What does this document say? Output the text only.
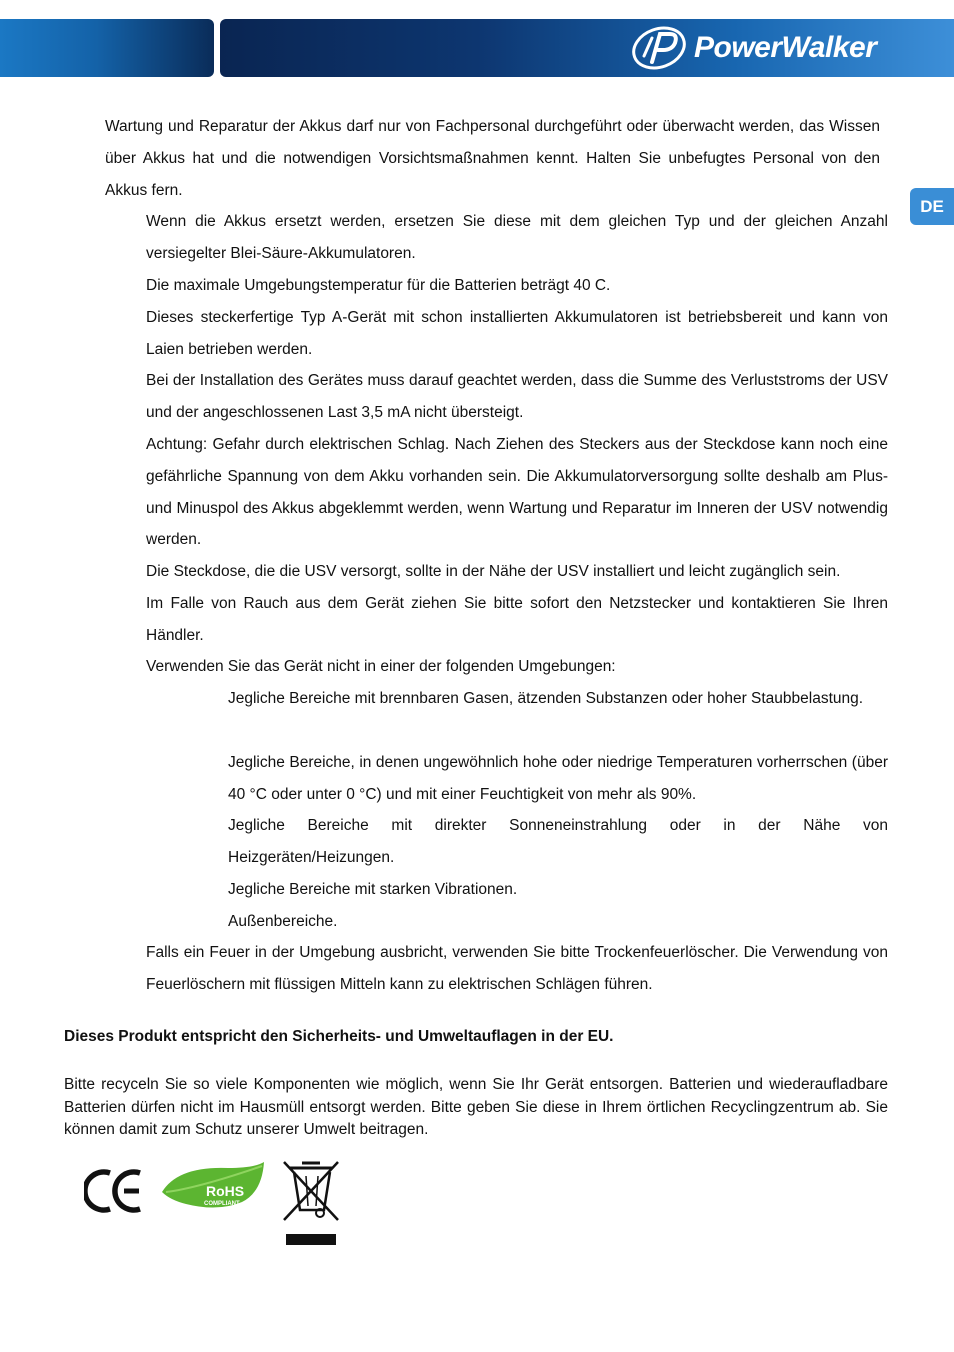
PowerWalker
DE
Wartung und Reparatur der Akkus darf nur von Fachpersonal durchgeführt oder überwacht werden, das Wissen über Akkus hat und die notwendigen Vorsichtsmaßnahmen kennt. Halten Sie unbefugtes Personal von den Akkus fern.
Wenn die Akkus ersetzt werden, ersetzen Sie diese mit dem gleichen Typ und der gleichen Anzahl versiegelter Blei-Säure-Akkumulatoren.
Die maximale Umgebungstemperatur für die Batterien beträgt 40 C.
Dieses steckerfertige Typ A-Gerät mit schon installierten Akkumulatoren ist betriebsbereit und kann von Laien betrieben werden.
Bei der Installation des Gerätes muss darauf geachtet werden, dass die Summe des Verluststroms der USV und der angeschlossenen Last 3,5 mA nicht übersteigt.
Achtung: Gefahr durch elektrischen Schlag. Nach Ziehen des Steckers aus der Steckdose kann noch eine gefährliche Spannung von dem Akku vorhanden sein. Die Akkumulatorversorgung sollte deshalb am Plus- und Minuspol des Akkus abgeklemmt werden, wenn Wartung und Reparatur im Inneren der USV notwendig werden.
Die Steckdose, die die USV versorgt, sollte in der Nähe der USV installiert und leicht zugänglich sein.
Im Falle von Rauch aus dem Gerät ziehen Sie bitte sofort den Netzstecker und kontaktieren Sie Ihren Händler.
Verwenden Sie das Gerät nicht in einer der folgenden Umgebungen:
Jegliche Bereiche mit brennbaren Gasen, ätzenden Substanzen oder hoher Staubbelastung.
Jegliche Bereiche, in denen ungewöhnlich hohe oder niedrige Temperaturen vorherrschen (über 40 °C oder unter 0 °C) und mit einer Feuchtigkeit von mehr als 90%.
Jegliche Bereiche mit direkter Sonneneinstrahlung oder in der Nähe von Heizgeräten/Heizungen.
Jegliche Bereiche mit starken Vibrationen.
Außenbereiche.
Falls ein Feuer in der Umgebung ausbricht, verwenden Sie bitte Trockenfeuerlöscher. Die Verwendung von Feuerlöschern mit flüssigen Mitteln kann zu elektrischen Schlägen führen.
Dieses Produkt entspricht den Sicherheits- und Umweltauflagen in der EU.
Bitte recyceln Sie so viele Komponenten wie möglich, wenn Sie Ihr Gerät entsorgen. Batterien und wiederaufladbare Batterien dürfen nicht im Hausmüll entsorgt werden. Bitte geben Sie diese in Ihrem örtlichen Recyclingzentrum ab. Sie können damit zum Schutz unserer Umwelt beitragen.
RoHS
COMPLIANT
